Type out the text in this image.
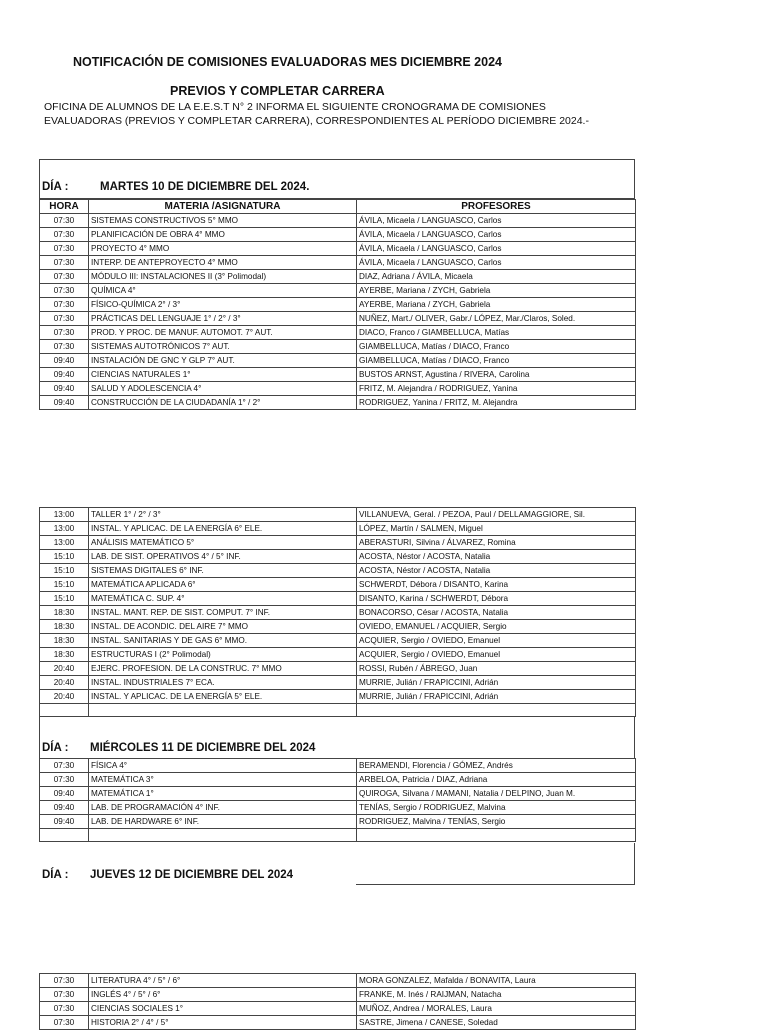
NOTIFICACIÓN DE COMISIONES EVALUADORAS MES DICIEMBRE 2024
PREVIOS Y COMPLETAR CARRERA
OFICINA DE ALUMNOS DE LA E.E.S.T N° 2 INFORMA EL SIGUIENTE CRONOGRAMA DE COMISIONES
EVALUADORAS (PREVIOS Y COMPLETAR CARRERA), CORRESPONDIENTES AL PERÍODO DICIEMBRE 2024.-
DÍA :	MARTES 10 DE DICIEMBRE DEL 2024.
HORA	MATERIA /ASIGNATURA	PROFESORES
07:30	SISTEMAS CONSTRUCTIVOS 5° MMO	ÁVILA, Micaela / LANGUASCO, Carlos
07:30	PLANIFICACIÓN DE OBRA 4° MMO	ÁVILA, Micaela / LANGUASCO, Carlos
07:30	PROYECTO 4° MMO	ÁVILA, Micaela / LANGUASCO, Carlos
07:30	INTERP. DE ANTEPROYECTO 4° MMO	ÁVILA, Micaela / LANGUASCO, Carlos
07:30	MÓDULO III: INSTALACIONES II (3° Polimodal)	DIAZ, Adriana / ÁVILA, Micaela
07:30	QUÍMICA 4°	AYERBE, Mariana / ZYCH, Gabriela
07:30	FÍSICO-QUÍMICA 2° / 3°	AYERBE, Mariana / ZYCH, Gabriela
07:30	PRÁCTICAS DEL LENGUAJE 1° / 2° / 3°	NUÑEZ, Mart./ OLIVER, Gabr./ LÓPEZ, Mar./Claros, Soled.
07:30	PROD. Y PROC. DE MANUF. AUTOMOT. 7° AUT.	DIACO, Franco / GIAMBELLUCA, Matías
07:30	SISTEMAS AUTOTRÓNICOS 7° AUT.	GIAMBELLUCA, Matías / DIACO, Franco
09:40	INSTALACIÓN DE GNC Y GLP 7° AUT.	GIAMBELLUCA, Matías / DIACO, Franco
09:40	CIENCIAS NATURALES 1°	BUSTOS ARNST, Agustina / RIVERA, Carolina
09:40	SALUD Y ADOLESCENCIA 4°	FRITZ, M. Alejandra / RODRIGUEZ, Yanina
09:40	CONSTRUCCIÓN DE LA CIUDADANÍA 1° / 2°	RODRIGUEZ, Yanina / FRITZ, M. Alejandra
13:00	TALLER 1° / 2° / 3°	VILLANUEVA, Geral. / PEZOA, Paul / DELLAMAGGIORE, Sil.
13:00	INSTAL. Y APLICAC. DE LA ENERGÍA 6° ELE.	LÓPEZ, Martín / SALMEN, Miguel
13:00	ANÁLISIS MATEMÁTICO 5°	ABERASTURI, Silvina / ÁLVAREZ, Romina
15:10	LAB. DE SIST. OPERATIVOS 4° / 5° INF.	ACOSTA, Néstor / ACOSTA, Natalia
15:10	SISTEMAS DIGITALES 6° INF.	ACOSTA, Néstor / ACOSTA, Natalia
15:10	MATEMÁTICA APLICADA 6°	SCHWERDT, Débora / DISANTO, Karina
15:10	MATEMÁTICA C. SUP. 4°	DISANTO, Karina / SCHWERDT, Débora
18:30	INSTAL. MANT. REP. DE SIST. COMPUT. 7° INF.	BONACORSO, César / ACOSTA, Natalia
18:30	INSTAL. DE ACONDIC. DEL AIRE 7° MMO	OVIEDO, EMANUEL / ACQUIER, Sergio
18:30	INSTAL. SANITARIAS Y DE GAS 6° MMO.	ACQUIER, Sergio / OVIEDO, Emanuel
18:30	ESTRUCTURAS I (2° Polimodal)	ACQUIER, Sergio / OVIEDO, Emanuel
20:40	EJERC. PROFESION. DE LA CONSTRUC. 7° MMO	ROSSI, Rubén / ÁBREGO, Juan
20:40	INSTAL. INDUSTRIALES 7° ECA.	MURRIE, Julián / FRAPICCINI, Adrián
20:40	INSTAL. Y APLICAC. DE LA ENERGÍA 5° ELE.	MURRIE, Julián / FRAPICCINI, Adrián

DÍA : MIÉRCOLES 11 DE DICIEMBRE DEL 2024
07:30	FÍSICA 4°	BERAMENDI, Florencia / GÓMEZ, Andrés
07:30	MATEMÁTICA 3°	ARBELOA, Patricia / DIAZ, Adriana
09:40	MATEMÁTICA 1°	QUIROGA, Silvana / MAMANI, Natalia / DELPINO, Juan M.
09:40	LAB. DE PROGRAMACIÓN 4° INF.	TENÍAS, Sergio / RODRIGUEZ, Malvina
09:40	LAB. DE HARDWARE 6° INF.	RODRIGUEZ, Malvina / TENÍAS, Sergio

DÍA : JUEVES 12 DE DICIEMBRE DEL 2024
07:30	LITERATURA 4° / 5° / 6°	MORA GONZALEZ, Mafalda / BONAVITA, Laura
07:30	INGLÉS 4° / 5° / 6°	FRANKE, M. Inés / RAIJMAN, Natacha
07:30	CIENCIAS SOCIALES 1°	MUÑOZ, Andrea / MORALES, Laura
07:30	HISTORIA 2° / 4° / 5°	SASTRE, Jimena / CANESE, Soledad
